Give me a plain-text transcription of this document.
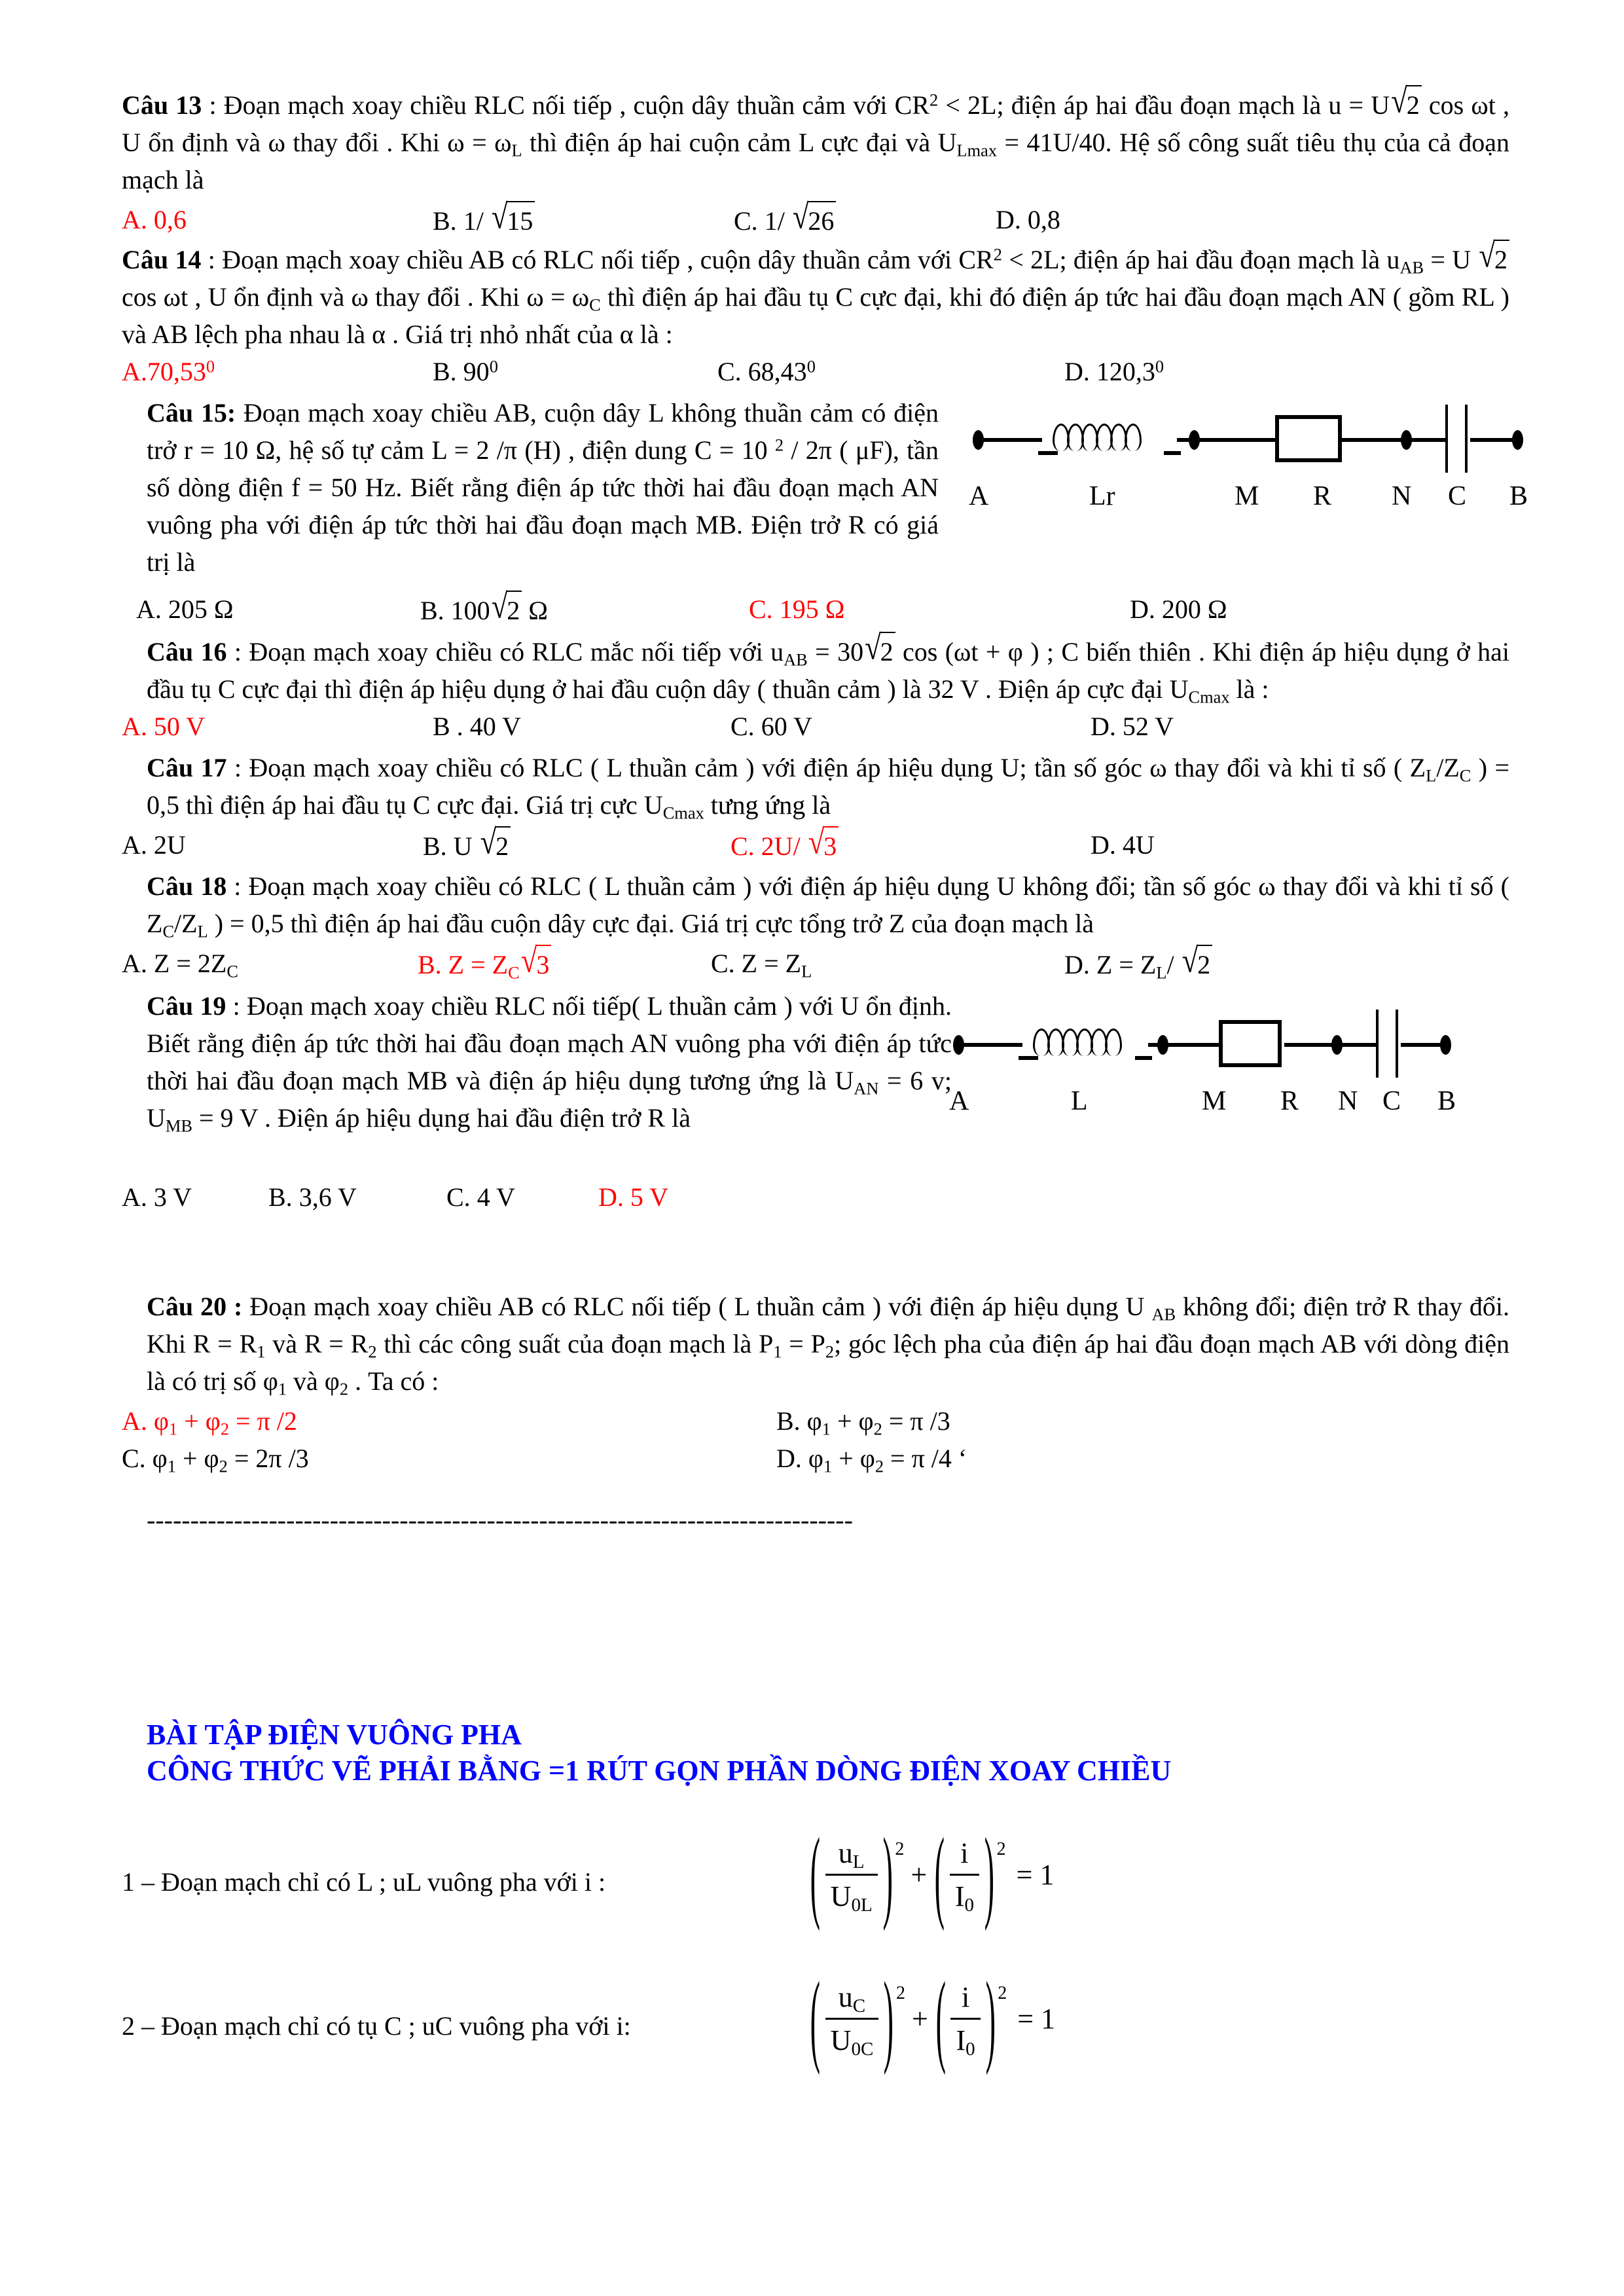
Câu 13 : Đoạn mạch xoay chiều RLC nối tiếp , cuộn dây thuần cảm với $CR^2 < 2L$; điện áp hai đầu đoạn mạch là u = U√2 cos ωt , U ổn định và ω thay đổi . Khi $\omega = \omega_L$ thì điện áp hai cuộn cảm L cực đại và $U_{Lmax} = 41U/40$. Hệ số công suất tiêu thụ của cả đoạn mạch là
A. 0,6	B. 1/ √15	C. 1/ √26	D. 0,8
Câu 14 : Đoạn mạch xoay chiều AB có RLC nối tiếp , cuộn dây thuần cảm với $CR^2 < 2L$; điện áp hai đầu đoạn mạch là $u_{AB} = U$ √2 cos ωt , U ổn định và ω thay đổi . Khi $\omega = \omega_C$ thì điện áp hai đầu tụ C cực đại, khi đó điện áp tức hai đầu đoạn mạch AN ( gồm RL ) và AB lệch pha nhau là α . Giá trị nhỏ nhất của α là :
A.70,53$^0$	B. $90^0$	C. 68,43$^0$	D. 120,3$^0$
Câu 15: Đoạn mạch xoay chiều AB, cuộn dây L không thuần cảm có điện trở r = 10 Ω, hệ số tự cảm L = 2 /π (H) , điện dung C = 10 $^2$ / 2π ( μF), tần số dòng điện f = 50 Hz. Biết rằng điện áp tức thời hai đầu đoạn mạch AN vuông pha với điện áp tức thời hai đầu đoạn mạch MB. Điện trở R có giá trị là
A	Lr	M R N C B
A. 205 Ω	B. 100√2 Ω	C. 195 Ω	D. 200 Ω
Câu 16 : Đoạn mạch xoay chiều có RLC mắc nối tiếp với $u_{AB} = 30√2$ cos (ωt + φ ) ; C biến thiên . Khi điện áp hiệu dụng ở hai đầu tụ C cực đại thì điện áp hiệu dụng ở hai đầu cuộn dây ( thuần cảm ) là 32 V . Điện áp cực đại $U_{Cmax}$ là :
A. 50 V	B . 40 V	C. 60 V	D. 52 V
Câu 17 : Đoạn mạch xoay chiều có RLC ( L thuần cảm ) với điện áp hiệu dụng U; tần số góc ω thay đổi và khi tỉ số ( $Z_L/Z_C$ ) = 0,5 thì điện áp hai đầu tụ C cực đại. Giá trị cực $U_{Cmax}$ tưng ứng là
A. 2U	B. U √2	C. 2U/ √3	D. 4U
Câu 18 : Đoạn mạch xoay chiều có RLC ( L thuần cảm ) với điện áp hiệu dụng U không đổi; tần số góc ω thay đổi và khi tỉ số ( $Z_C/Z_L$ ) = 0,5 thì điện áp hai đầu cuộn dây cực đại. Giá trị cực tổng trở Z của đoạn mạch là
A. $Z = 2Z_C$	B. $Z = Z_C√3$	C. $Z = Z_L$	D. $Z = Z_L/$ √2
Câu 19 : Đoạn mạch xoay chiều RLC nối tiếp( L thuần cảm ) với U ổn định. Biết rằng điện áp tức thời hai đầu đoạn mạch AN vuông pha với điện áp tức thời hai đầu đoạn mạch MB và điện áp hiệu dụng tương ứng là $U_{AN} = 6$ v; $U_{MB} = 9$ V . Điện áp hiệu dụng hai đầu điện trở R là
A	L	M R N C B
A. 3 V	B. 3,6 V	C. 4 V	D. 5 V
Câu 20 : Đoạn mạch xoay chiều AB có RLC nối tiếp ( L thuần cảm ) với điện áp hiệu dụng U $_{AB}$ không đổi; điện trở R thay đổi. Khi $R = R_1$ và $R = R_2$ thì các công suất của đoạn mạch là $P_1 = P_2$; góc lệch pha của điện áp hai đầu đoạn mạch AB với dòng điện là có trị số $\varphi_1$ và $\varphi_2$ . Ta có :
A. $\varphi_1 + \varphi_2 = \pi$ /2	B. $\varphi_1 + \varphi_2 = \pi$ /3
C. $\varphi_1 + \varphi_2 = 2\pi$ /3	D. $\varphi_1 + \varphi_2 = \pi$ /4 ‘
---------------------------------------------------------------------------------
BÀI TẬP ĐIỆN VUÔNG PHA
CÔNG THỨC VẼ PHẢI BẰNG =1 RÚT GỌN PHẦN DÒNG ĐIỆN XOAY CHIỀU
1 – Đoạn mạch chỉ có L ; uL vuông pha với i :	( $\frac{u_L}{U_{0L}}$ ) 2
+ ( $\frac{i}{I_0}$ ) 2
= 1
2 – Đoạn mạch chỉ có tụ C ; uC vuông pha với i:	( $\frac{u_C}{U_{0C}}$ ) 2
+ ( $\frac{i}{I_0}$ ) 2
= 1
